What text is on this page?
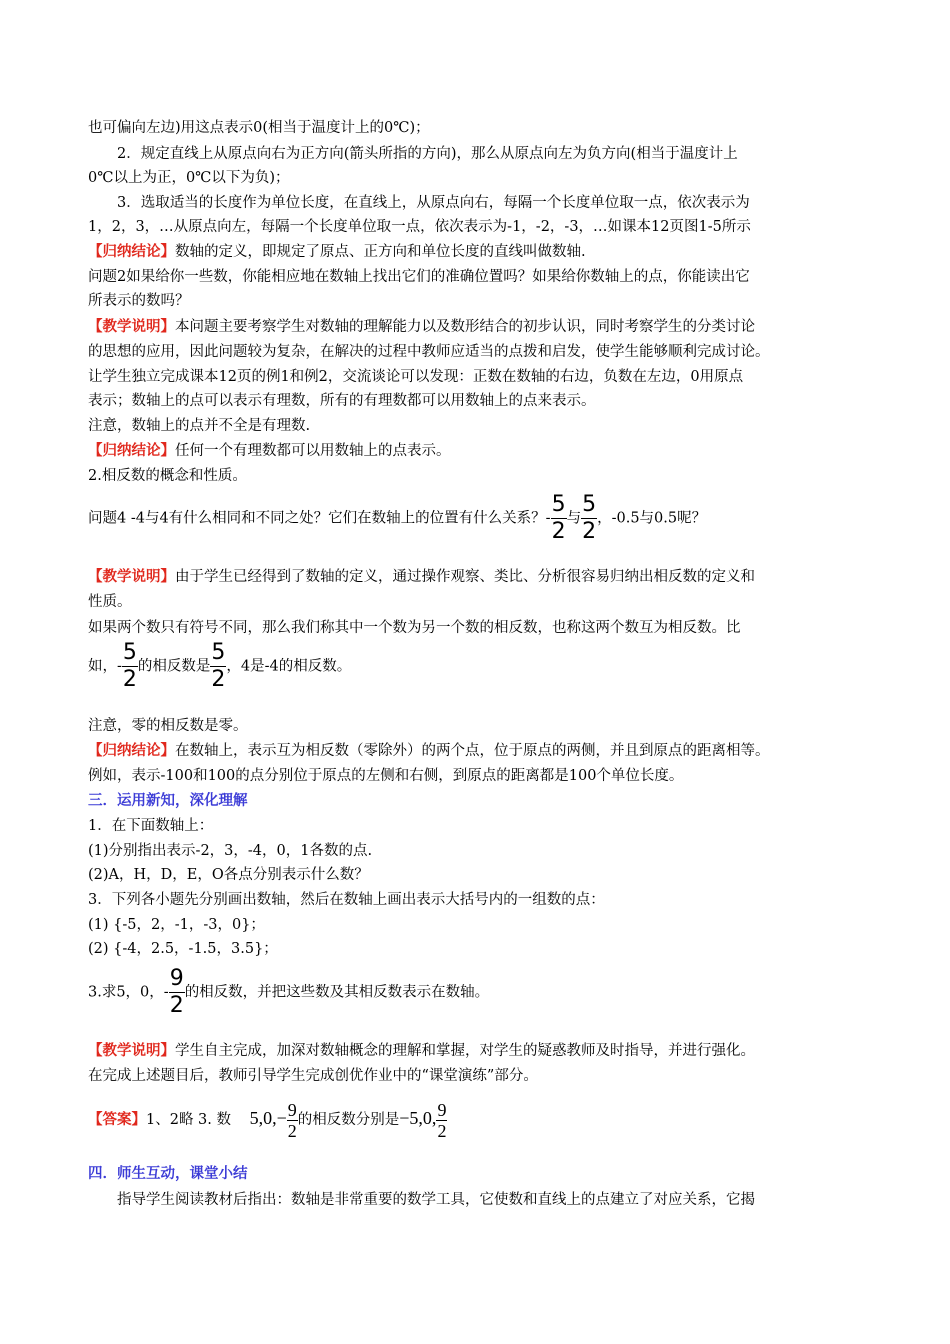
也可偏向左边)用这点表示0(相当于温度计上的0℃)；
2．规定直线上从原点向右为正方向(箭头所指的方向)，那么从原点向左为负方向(相当于温度计上
0℃以上为正，0℃以下为负)；
3．选取适当的长度作为单位长度，在直线上，从原点向右，每隔一个长度单位取一点，依次表示为
1，2，3，…从原点向左，每隔一个长度单位取一点，依次表示为-1，-2，-3，…如课本12页图1-5所示
【归纳结论】数轴的定义，即规定了原点、正方向和单位长度的直线叫做数轴.
问题2如果给你一些数，你能相应地在数轴上找出它们的准确位置吗？如果给你数轴上的点，你能读出它
所表示的数吗？
【教学说明】本问题主要考察学生对数轴的理解能力以及数形结合的初步认识，同时考察学生的分类讨论
的思想的应用，因此问题较为复杂，在解决的过程中教师应适当的点拨和启发，使学生能够顺利完成讨论。
让学生独立完成课本12页的例1和例2，交流谈论可以发现：正数在数轴的右边，负数在左边，0用原点
表示；数轴上的点可以表示有理数，所有的有理数都可以用数轴上的点来表示。
注意，数轴上的点并不全是有理数.
【归纳结论】任何一个有理数都可以用数轴上的点表示。
2.相反数的概念和性质。
问题4 -4与4有什么相同和不同之处？它们在数轴上的位置有什么关系？- $\frac{5}{2}$ 与 $\frac{5}{2}$ ，-0.5与0.5呢？
【教学说明】由于学生已经得到了数轴的定义，通过操作观察、类比、分析很容易归纳出相反数的定义和
性质。
如果两个数只有符号不同，那么我们称其中一个数为另一个数的相反数，也称这两个数互为相反数。比
如，- $\frac{5}{2}$ 的相反数是 $\frac{5}{2}$ ，4是-4的相反数。
注意，零的相反数是零。
【归纳结论】在数轴上，表示互为相反数（零除外）的两个点，位于原点的两侧，并且到原点的距离相等。
例如，表示-100和100的点分别位于原点的左侧和右侧，到原点的距离都是100个单位长度。
三．运用新知，深化理解
1．在下面数轴上：
(1)分别指出表示-2，3，-4，0，1各数的点.
(2)A，H，D，E，O各点分别表示什么数？
3．下列各小题先分别画出数轴，然后在数轴上画出表示大括号内的一组数的点：
(1) {-5，2，-1，-3，0}；
(2) {-4，2.5，-1.5，3.5}；
3.求5，0，- $\frac{9}{2}$ 的相反数，并把这些数及其相反数表示在数轴。
【教学说明】学生自主完成，加深对数轴概念的理解和掌握，对学生的疑惑教师及时指导，并进行强化。
在完成上述题目后，教师引导学生完成创优作业中的“课堂演练”部分。
【答案】1、2略 3. 数 $5,0,- \frac{9}{2}$ 的相反数分别是−5,0, $\frac{9}{2}$
四．师生互动，课堂小结
指导学生阅读教材后指出：数轴是非常重要的数学工具，它使数和直线上的点建立了对应关系，它揭
